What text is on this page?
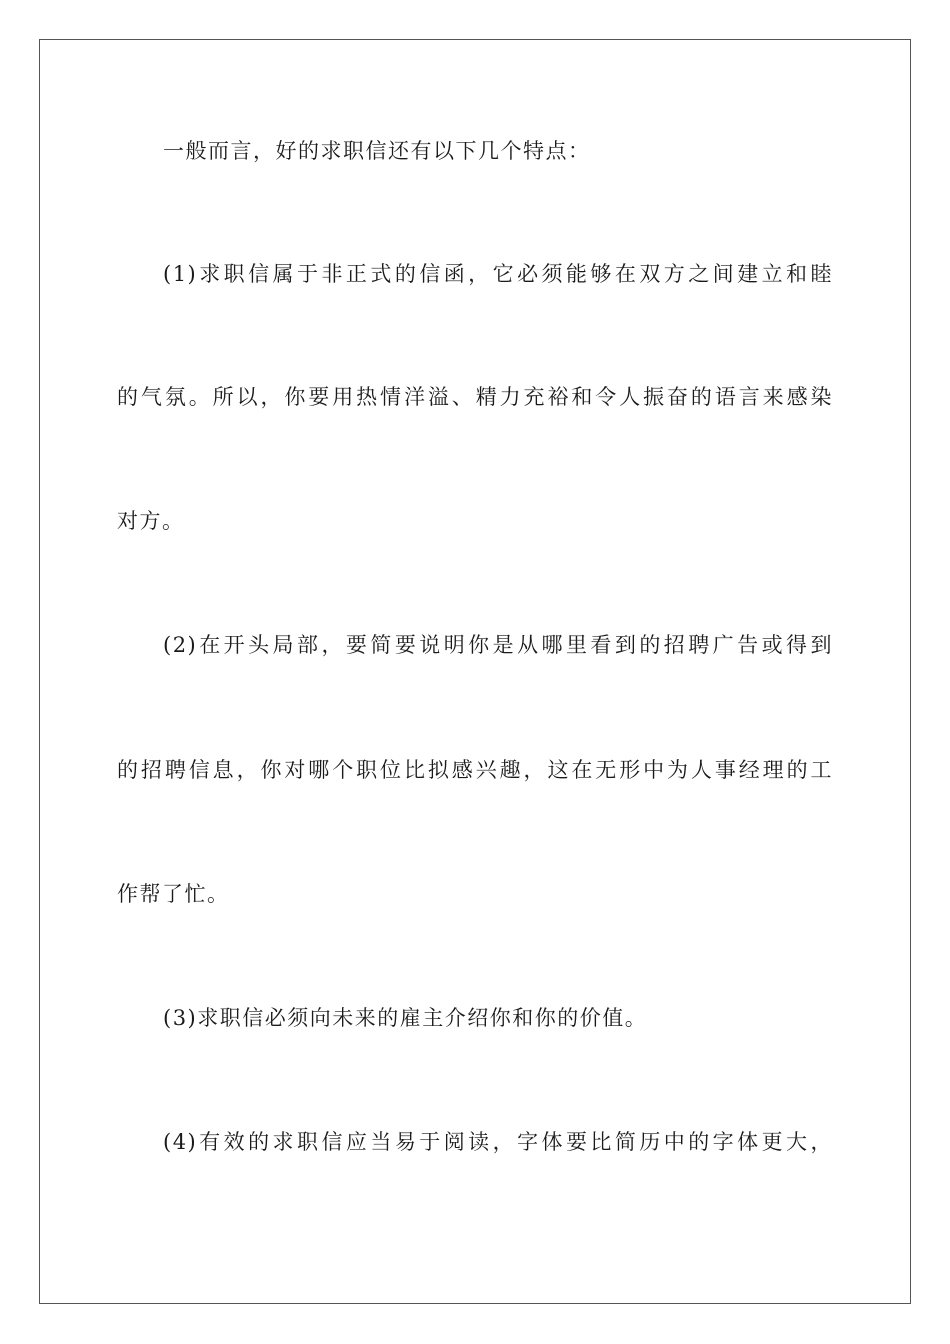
一般而言，好的求职信还有以下几个特点：
(1)求职信属于非正式的信函，它必须能够在双方之间建立和睦
的气氛。所以，你要用热情洋溢、精力充裕和令人振奋的语言来感染
对方。
(2)在开头局部，要简要说明你是从哪里看到的招聘广告或得到
的招聘信息，你对哪个职位比拟感兴趣，这在无形中为人事经理的工
作帮了忙。
(3)求职信必须向未来的雇主介绍你和你的价值。
(4)有效的求职信应当易于阅读，字体要比简历中的字体更大，
